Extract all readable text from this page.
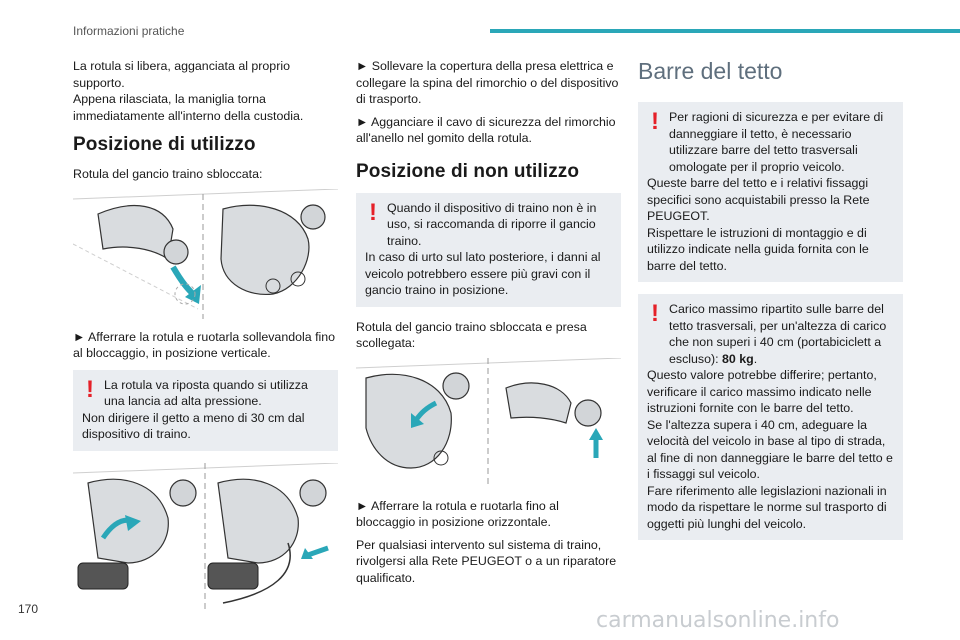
Informazioni pratiche

La rotula si libera, agganciata al proprio supporto.
Appena rilasciata, la maniglia torna immediatamente all'interno della custodia.

Posizione di utilizzo

Rotula del gancio traino sbloccata:

► Afferrare la rotula e ruotarla sollevandola fino al bloccaggio, in posizione verticale.

! La rotula va riposta quando si utilizza una lancia ad alta pressione.
Non dirigere il getto a meno di 30 cm dal dispositivo di traino.

► Sollevare la copertura della presa elettrica e collegare la spina del rimorchio o del dispositivo di trasporto.

► Agganciare il cavo di sicurezza del rimorchio all'anello nel gomito della rotula.

Posizione di non utilizzo
! Quando il dispositivo di traino non è in uso, si raccomanda di riporre il gancio traino.
In caso di urto sul lato posteriore, i danni al veicolo potrebbero essere più gravi con il gancio traino in posizione.

Rotula del gancio traino sbloccata e presa scollegata:

► Afferrare la rotula e ruotarla fino al bloccaggio in posizione orizzontale.

Per qualsiasi intervento sul sistema di traino, rivolgersi alla Rete PEUGEOT o a un riparatore qualificato.

Barre del tetto
! Per ragioni di sicurezza e per evitare di danneggiare il tetto, è necessario utilizzare barre del tetto trasversali omologate per il proprio veicolo.
Queste barre del tetto e i relativi fissaggi specifici sono acquistabili presso la Rete PEUGEOT.
Rispettare le istruzioni di montaggio e di utilizzo indicate nella guida fornita con le barre del tetto.
! Carico massimo ripartito sulle barre del tetto trasversali, per un'altezza di carico che non superi i 40 cm (portabiciclett a escluso): 80 kg.
Questo valore potrebbe differire; pertanto, verificare il carico massimo indicato nelle istruzioni fornite con le barre del tetto.
Se l'altezza supera i 40 cm, adeguare la velocità del veicolo in base al tipo di strada, al fine di non danneggiare le barre del tetto e i fissaggi sul veicolo.
Fare riferimento alle legislazioni nazionali in modo da rispettare le norme sul trasporto di oggetti più lunghi del veicolo.
170	carmanualsonline.info
